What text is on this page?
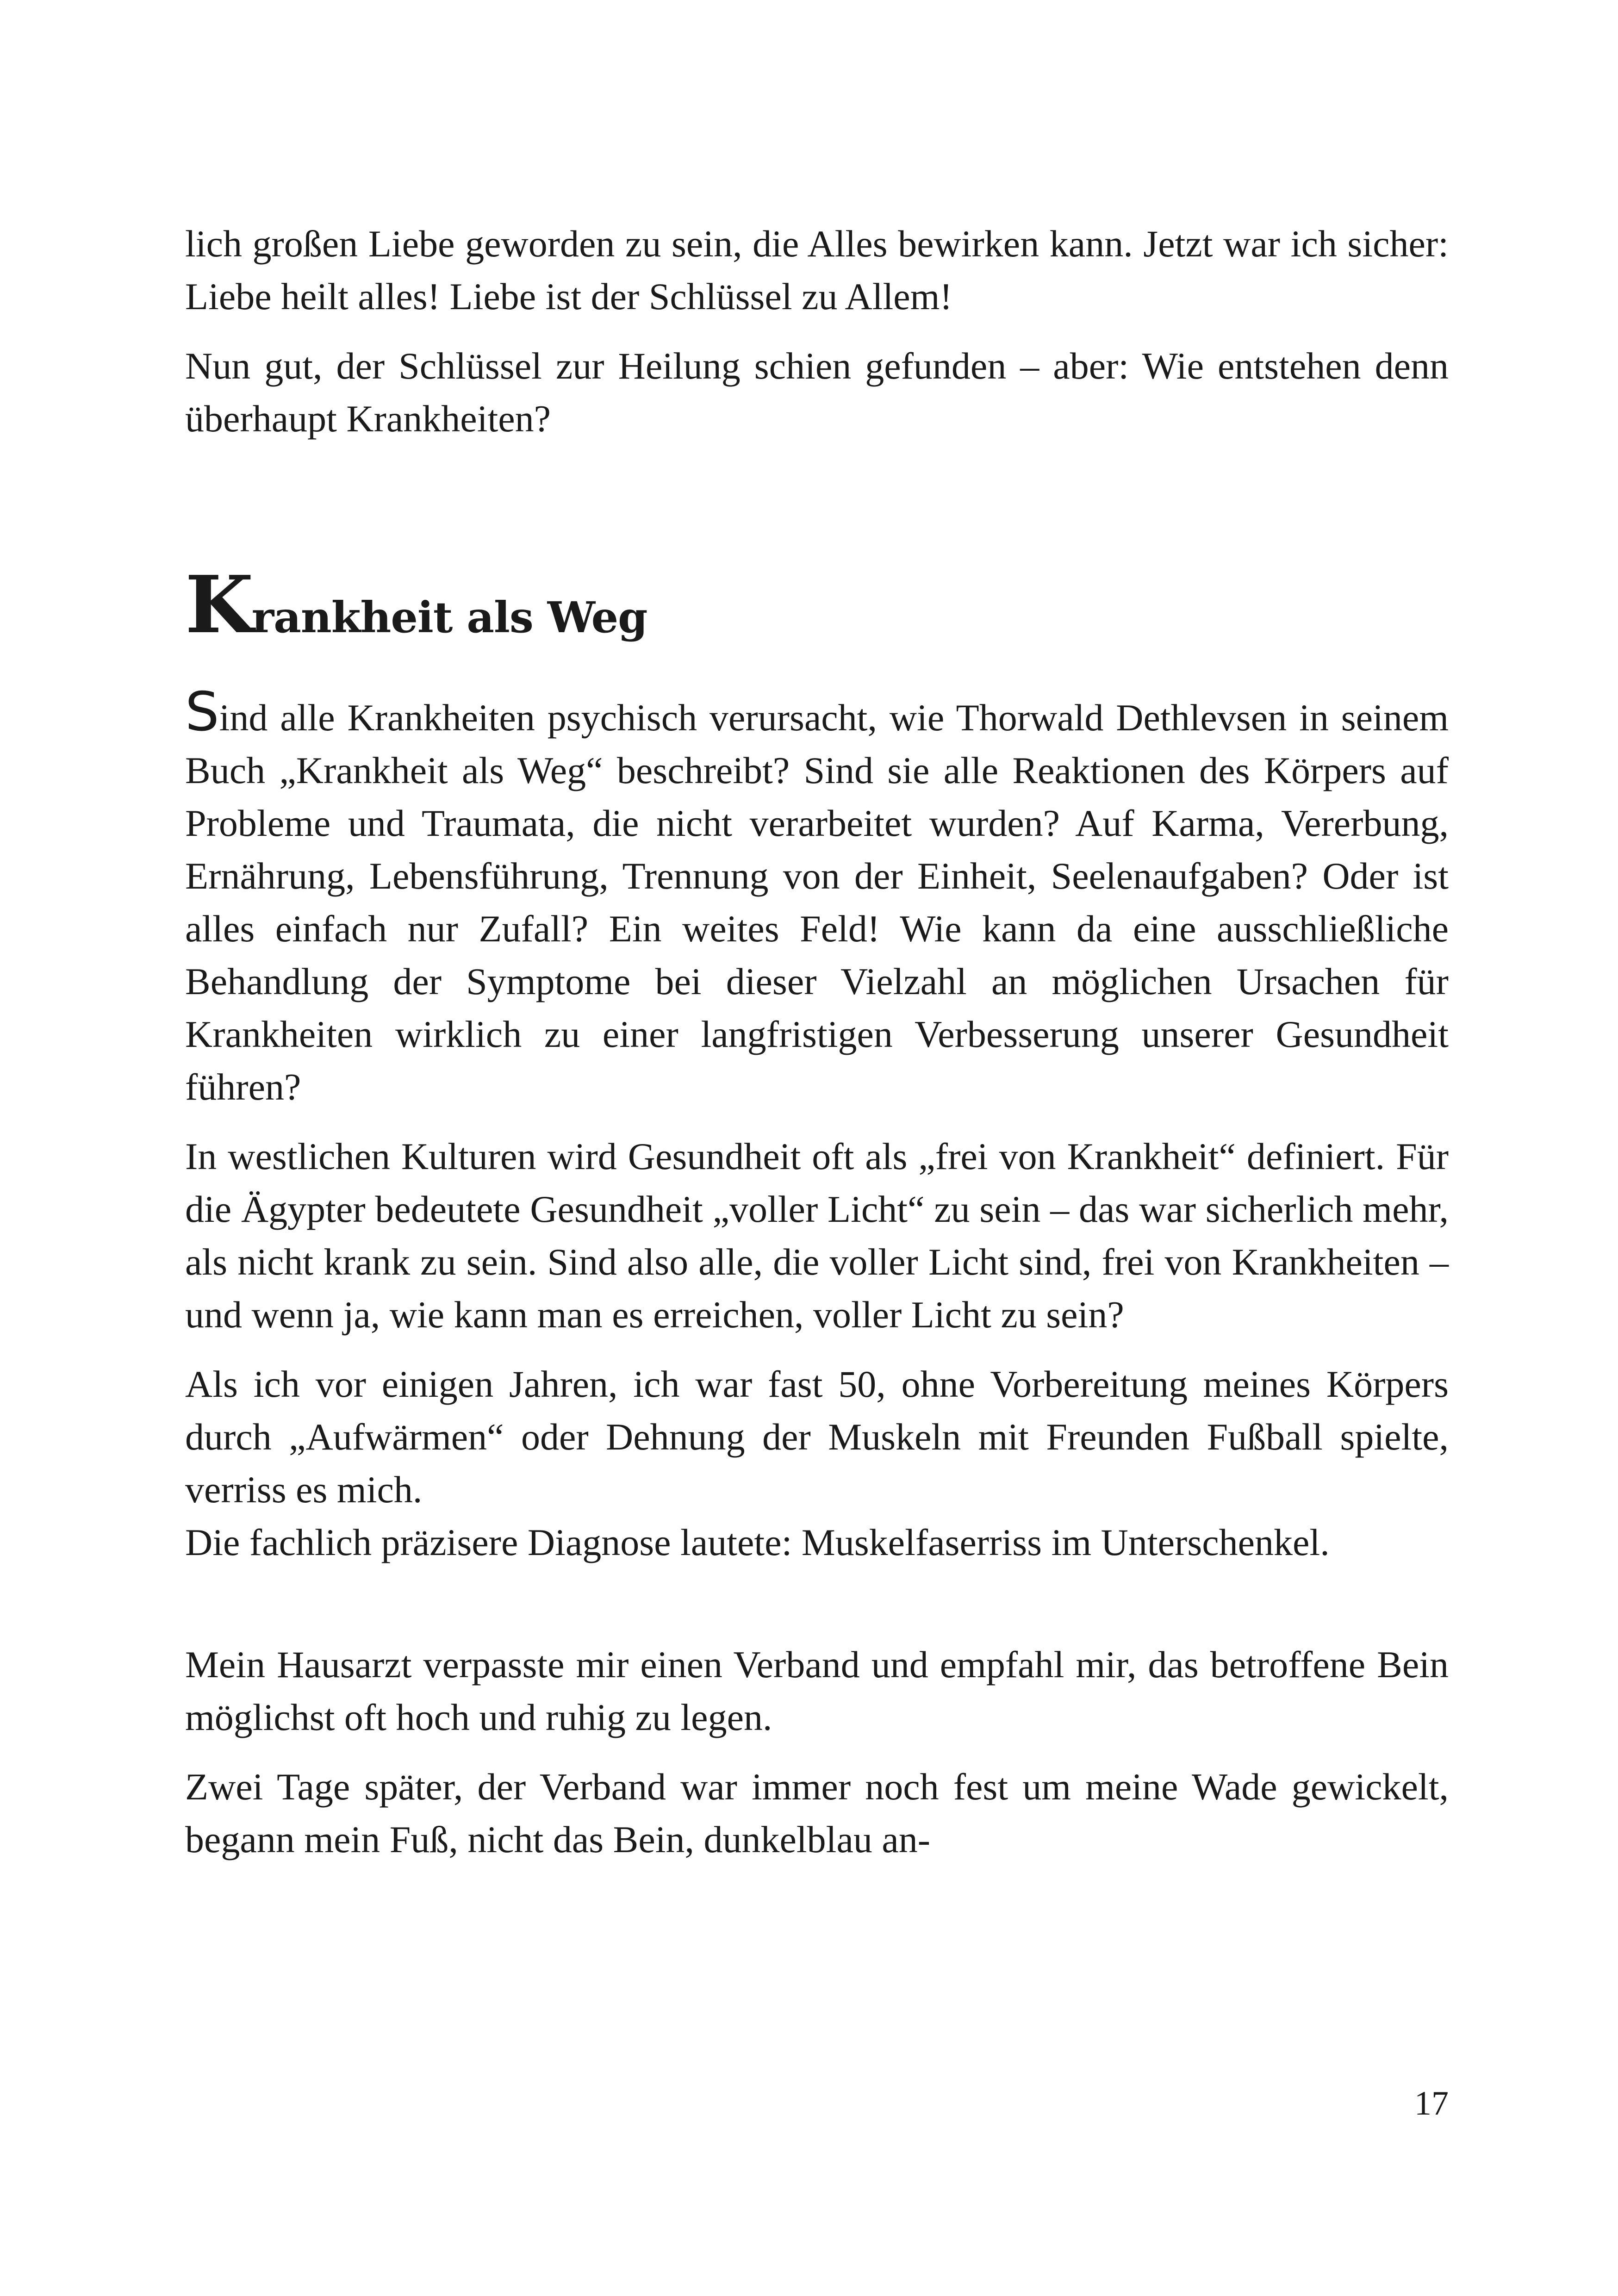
lich großen Liebe geworden zu sein, die Alles bewirken kann. Jetzt war ich sicher: Liebe heilt alles! Liebe ist der Schlüssel zu Allem!

Nun gut, der Schlüssel zur Heilung schien gefunden – aber: Wie entstehen denn überhaupt Krankheiten?

Krankheit als Weg

Sind alle Krankheiten psychisch verursacht, wie Thorwald Dethlevsen in seinem Buch „Krankheit als Weg“ beschreibt? Sind sie alle Reaktionen des Körpers auf Probleme und Traumata, die nicht verarbeitet wurden? Auf Karma, Vererbung, Ernährung, Lebensführung, Trennung von der Einheit, Seelenaufgaben? Oder ist alles einfach nur Zufall? Ein weites Feld! Wie kann da eine ausschließliche Behandlung der Symptome bei dieser Vielzahl an möglichen Ursachen für Krankheiten wirklich zu einer langfristigen Verbesserung unserer Gesundheit führen?

In westlichen Kulturen wird Gesundheit oft als „frei von Krankheit“ definiert. Für die Ägypter bedeutete Gesundheit „voller Licht“ zu sein – das war sicherlich mehr, als nicht krank zu sein. Sind also alle, die voller Licht sind, frei von Krankheiten – und wenn ja, wie kann man es erreichen, voller Licht zu sein?

Als ich vor einigen Jahren, ich war fast 50, ohne Vorbereitung meines Körpers durch „Aufwärmen“ oder Dehnung der Muskeln mit Freunden Fußball spielte, verriss es mich.
Die fachlich präzisere Diagnose lautete: Muskelfaserriss im Unterschenkel.

Mein Hausarzt verpasste mir einen Verband und empfahl mir, das betroffene Bein möglichst oft hoch und ruhig zu legen.

Zwei Tage später, der Verband war immer noch fest um meine Wade gewickelt, begann mein Fuß, nicht das Bein, dunkelblau an-

17
